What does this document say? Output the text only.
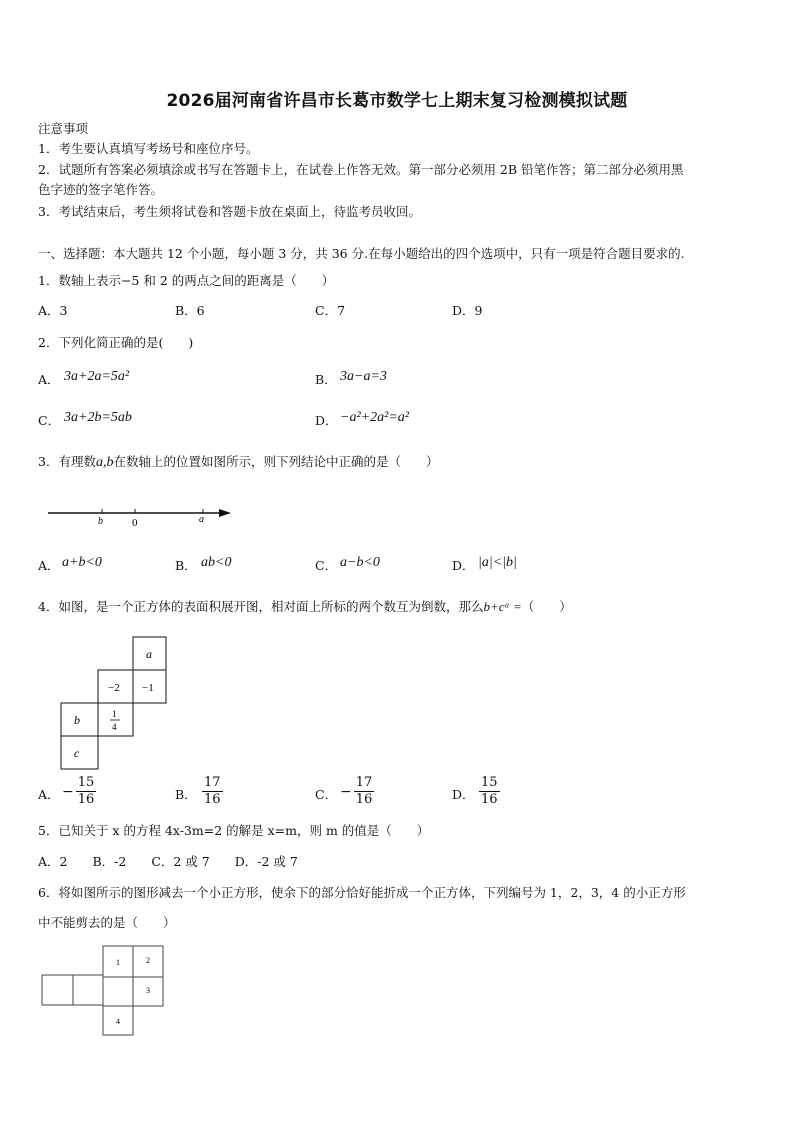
2026届河南省许昌市长葛市数学七上期末复习检测模拟试题
注意事项
1．考生要认真填写考场号和座位序号。
2．试题所有答案必须填涂或书写在答题卡上，在试卷上作答无效。第一部分必须用 2B 铅笔作答；第二部分必须用黑
色字迹的签字笔作答。
3．考试结束后，考生须将试卷和答题卡放在桌面上，待监考员收回。
一、选择题：本大题共 12 个小题，每小题 3 分，共 36 分.在每小题给出的四个选项中，只有一项是符合题目要求的.
1．数轴上表示−5 和 2 的两点之间的距离是（　　）
A．3	B．6	C．7	D．9
2．下列化简正确的是(　　)
A． 3a+2a=5a²	B． 3a−a=3
C． 3a+2b=5ab	D． −a²+2a²=a²
3．有理数a,b在数轴上的位置如图所示，则下列结论中正确的是（　　）
b	0	a
A． a+b<0	B． ab<0	C． a−b<0	D． |a|<|b|
4．如图，是一个正方体的表面积展开图，相对面上所标的两个数互为倒数，那么b+cᵃ =（　　）
a
−2 −1
b	1
4
c
A． − $\frac{15}{16}$	B． $\frac{17}{16}$	C． − $\frac{17}{16}$	D． $\frac{15}{16}$
5．已知关于 x 的方程 4x-3m=2 的解是 x=m，则 m 的值是（　　）
A．2　　B．-2　　C．2 或 7　　D．-2 或 7
6．将如图所示的图形减去一个小正方形，使余下的部分恰好能折成一个正方体，下列编号为 1，2，3，4 的小正方形
中不能剪去的是（　　）
1	2
3
4
